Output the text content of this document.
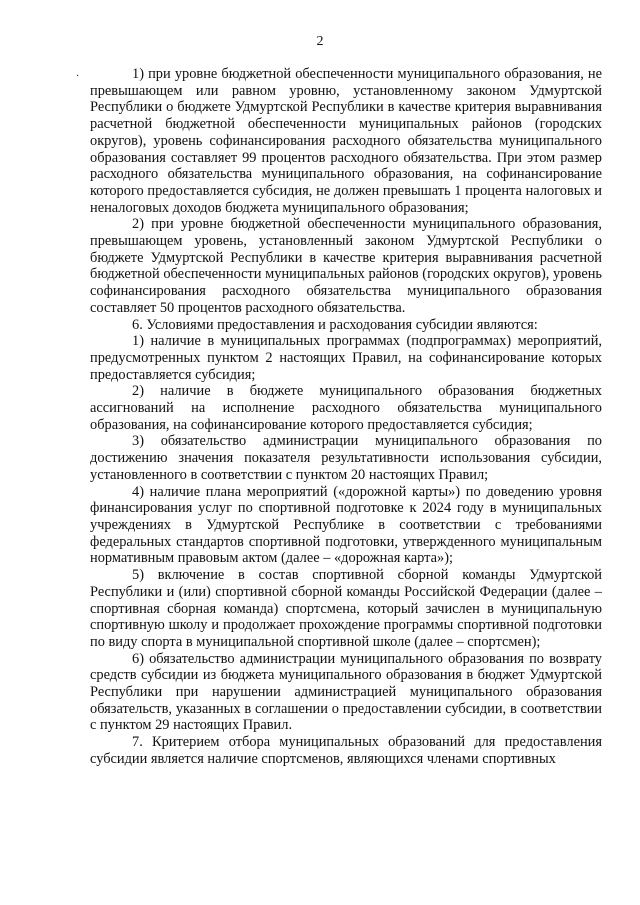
2
·	1) при уровне бюджетной обеспеченности муниципального образования, не превышающем или равном уровню, установленному законом Удмуртской Республики о бюджете Удмуртской Республики в качестве критерия выравнивания расчетной бюджетной обеспеченности муниципальных районов (городских округов), уровень софинансирования расходного обязательства муниципального образования составляет 99 процентов расходного обязательства. При этом размер расходного обязательства муниципального образования, на софинансирование которого предоставляется субсидия, не должен превышать 1 процента налоговых и неналоговых доходов бюджета муниципального образования;

2) при уровне бюджетной обеспеченности муниципального образования, превышающем уровень, установленный законом Удмуртской Республики о бюджете Удмуртской Республики в качестве критерия выравнивания расчетной бюджетной обеспеченности муниципальных районов (городских округов), уровень софинансирования расходного обязательства муниципального образования составляет 50 процентов расходного обязательства.

6. Условиями предоставления и расходования субсидии являются:

1) наличие в муниципальных программах (подпрограммах) мероприятий, предусмотренных пунктом 2 настоящих Правил, на софинансирование которых предоставляется субсидия;

2) наличие в бюджете муниципального образования бюджетных ассигнований на исполнение расходного обязательства муниципального образования, на софинансирование которого предоставляется субсидия;

3) обязательство администрации муниципального образования по достижению значения показателя результативности использования субсидии, установленного в соответствии с пунктом 20 настоящих Правил;

4) наличие плана мероприятий («дорожной карты») по доведению уровня финансирования услуг по спортивной подготовке к 2024 году в муниципальных учреждениях в Удмуртской Республике в соответствии с требованиями федеральных стандартов спортивной подготовки, утвержденного муниципальным нормативным правовым актом (далее – «дорожная карта»);

5) включение в состав спортивной сборной команды Удмуртской Республики и (или) спортивной сборной команды Российской Федерации (далее – спортивная сборная команда) спортсмена, который зачислен в муниципальную спортивную школу и продолжает прохождение программы спортивной подготовки по виду спорта в муниципальной спортивной школе (далее – спортсмен);

6) обязательство администрации муниципального образования по возврату средств субсидии из бюджета муниципального образования в бюджет Удмуртской Республики при нарушении администрацией муниципального образования обязательств, указанных в соглашении о предоставлении субсидии, в соответствии с пунктом 29 настоящих Правил.

7. Критерием отбора муниципальных образований для предоставления субсидии является наличие спортсменов, являющихся членами спортивных
